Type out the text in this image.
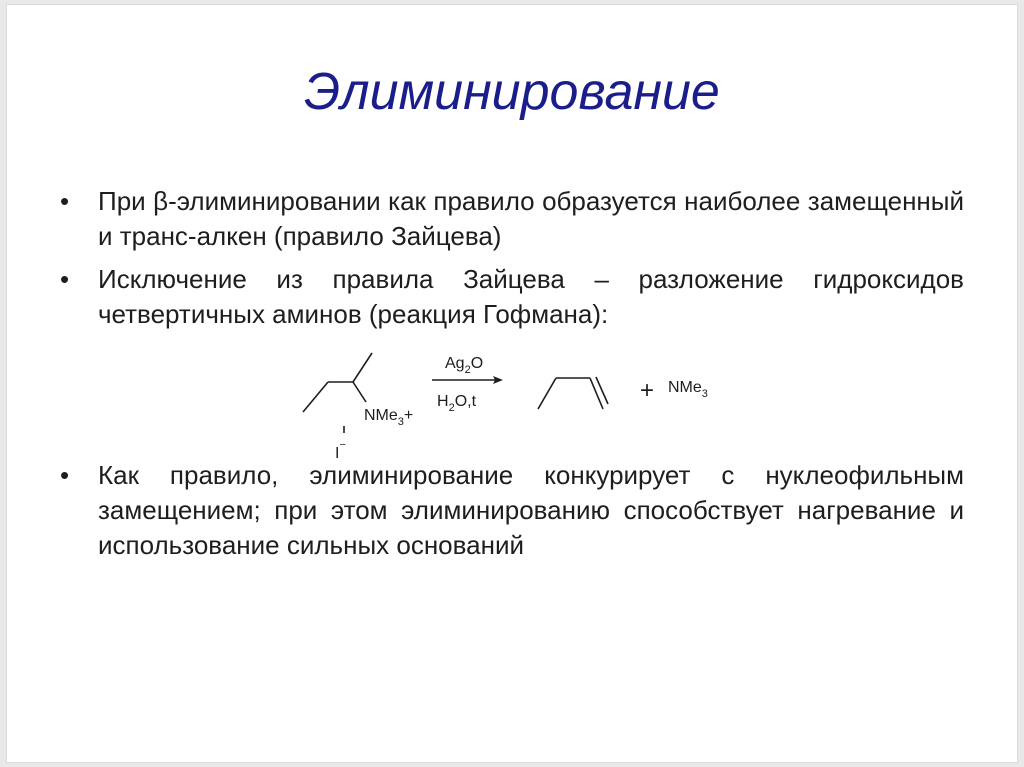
Элиминирование
• При β-элиминировании как правило образуется наиболее замещенный и транс-алкен (правило Зайцева)
• Исключение из правила Зайцева – разложение гидроксидов четвертичных аминов (реакция Гофмана):
NMe$_3$+
I−
$Ag_2O$
$H_2O,t$	+ NMe$_3$
• Как правило, элиминирование конкурирует с нуклеофильным замещением; при этом элиминированию способствует нагревание и использование сильных оснований
